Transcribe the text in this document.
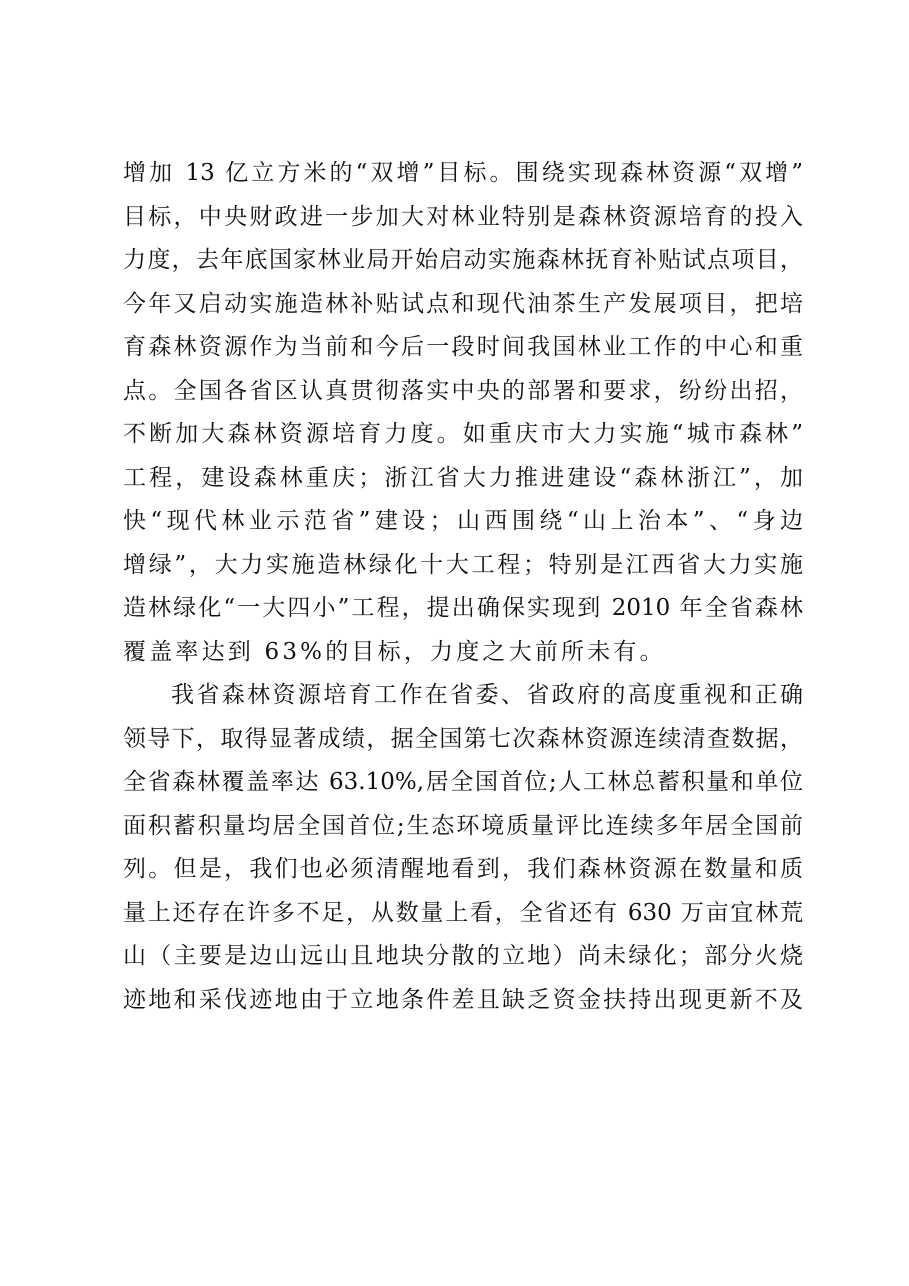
增加 13 亿立方米的“双增”目标。围绕实现森林资源“双增”
目标，中央财政进一步加大对林业特别是森林资源培育的投入
力度，去年底国家林业局开始启动实施森林抚育补贴试点项目，
今年又启动实施造林补贴试点和现代油茶生产发展项目，把培
育森林资源作为当前和今后一段时间我国林业工作的中心和重
点。全国各省区认真贯彻落实中央的部署和要求，纷纷出招，
不断加大森林资源培育力度。如重庆市大力实施“城市森林”
工程，建设森林重庆；浙江省大力推进建设“森林浙江”，加
快“现代林业示范省”建设；山西围绕“山上治本”、“身边
增绿”，大力实施造林绿化十大工程；特别是江西省大力实施
造林绿化“一大四小”工程，提出确保实现到 2010 年全省森林
覆盖率达到 63%的目标，力度之大前所未有。
我省森林资源培育工作在省委、省政府的高度重视和正确
领导下，取得显著成绩，据全国第七次森林资源连续清查数据，
全省森林覆盖率达 63.10%,居全国首位;人工林总蓄积量和单位
面积蓄积量均居全国首位;生态环境质量评比连续多年居全国前
列。但是，我们也必须清醒地看到，我们森林资源在数量和质
量上还存在许多不足，从数量上看，全省还有 630 万亩宜林荒
山（主要是边山远山且地块分散的立地）尚未绿化；部分火烧
迹地和采伐迹地由于立地条件差且缺乏资金扶持出现更新不及
